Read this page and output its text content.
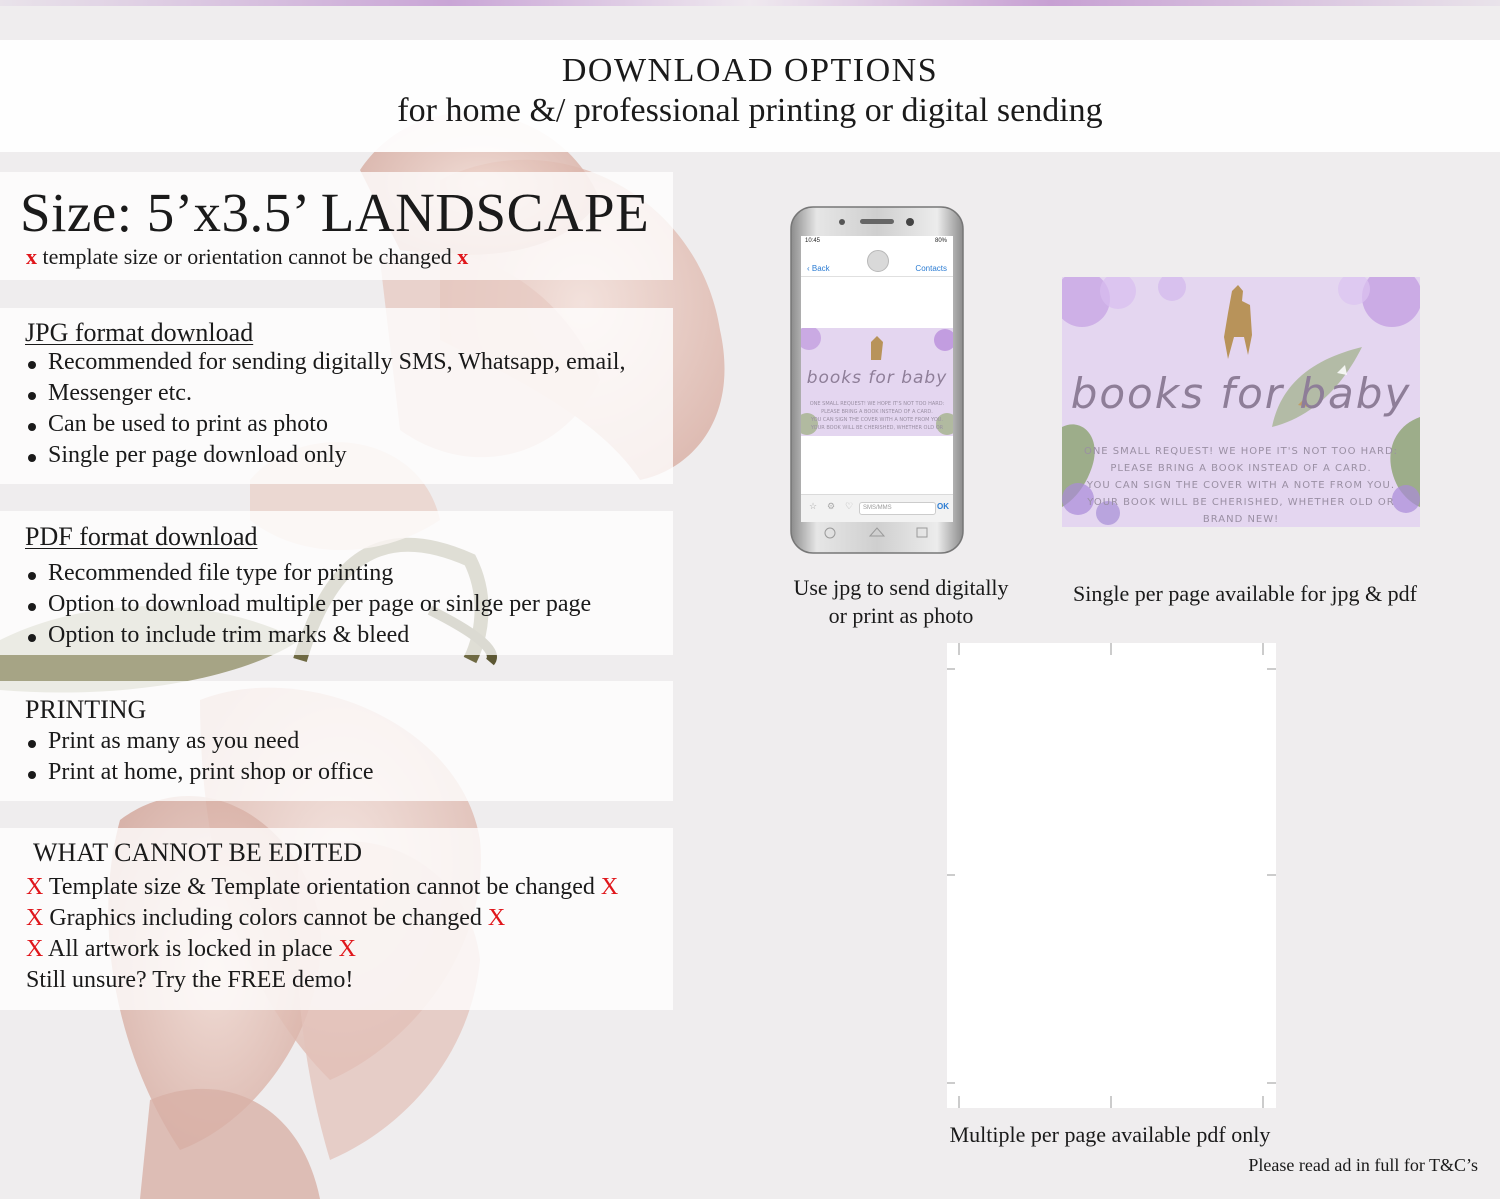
DOWNLOAD OPTIONS
for home &/ professional printing or digital sending
Size: 5’x3.5’ LANDSCAPE
x template size or orientation cannot be changed x
JPG format download
Recommended for sending digitally SMS, Whatsapp, email,
Messenger etc.
Can be used to print as photo
Single per page download only
PDF format download
Recommended file type for printing
Option to download multiple per page or sinlge per page
Option to include trim marks & bleed
PRINTING
Print as many as you need
Print at home, print shop or office
WHAT CANNOT BE EDITED
X Template size & Template orientation cannot be changed X
X Graphics including colors cannot be changed X
X All artwork is locked in place X
Still unsure? Try the FREE demo!
10:45	80%
‹ Back	Contacts
books for baby
ONE SMALL REQUEST! WE HOPE IT'S NOT TOO HARD:
PLEASE BRING A BOOK INSTEAD OF A CARD.
YOU CAN SIGN THE COVER WITH A NOTE FROM YOU.
YOUR BOOK WILL BE CHERISHED, WHETHER OLD OR
☆ ⚙ ♡	SMS/MMS	OK
Use jpg to send digitally
or print as photo
books for baby
ONE SMALL REQUEST! WE HOPE IT'S NOT TOO HARD:
PLEASE BRING A BOOK INSTEAD OF A CARD.
YOU CAN SIGN THE COVER WITH A NOTE FROM YOU.
YOUR BOOK WILL BE CHERISHED, WHETHER OLD OR
BRAND NEW!
Single per page available for jpg & pdf

Multiple per page available pdf only
Please read ad in full for T&C’s
